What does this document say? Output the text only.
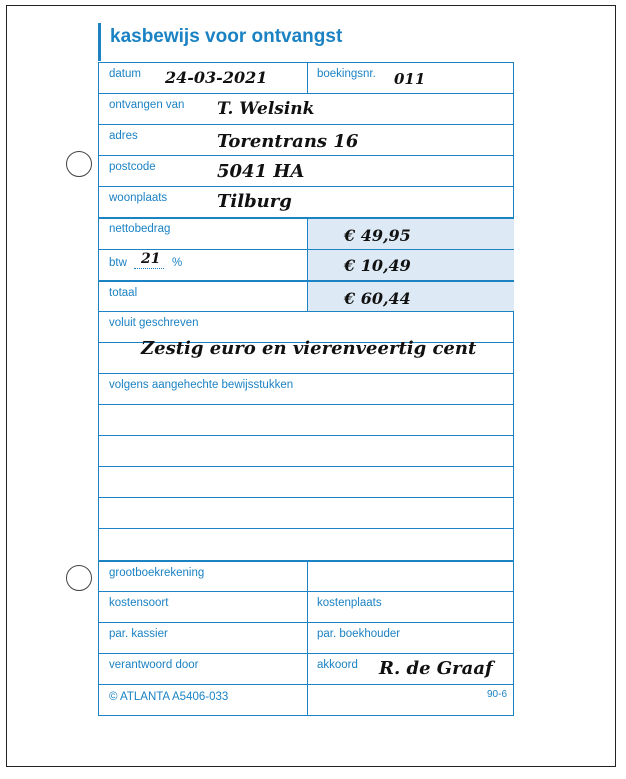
kasbewijs voor ontvangst
datum 24-03-2021	boekingsnr. 011
ontvangen van T. Welsink
adres	Torentrans 16
postcode	5041 HA
woonplaats	Tilburg
nettobedrag	€ 49,95
btw 21 %	€ 10,49
totaal	€ 60,44
voluit geschreven
Zestig euro en vierenveertig cent
volgens aangehechte bewijsstukken
grootboekrekening
kostensoort	kostenplaats
par. kassier	par. boekhouder
verantwoord door	akkoord R. de Graaf
© ATLANTA A5406-033	90-6
